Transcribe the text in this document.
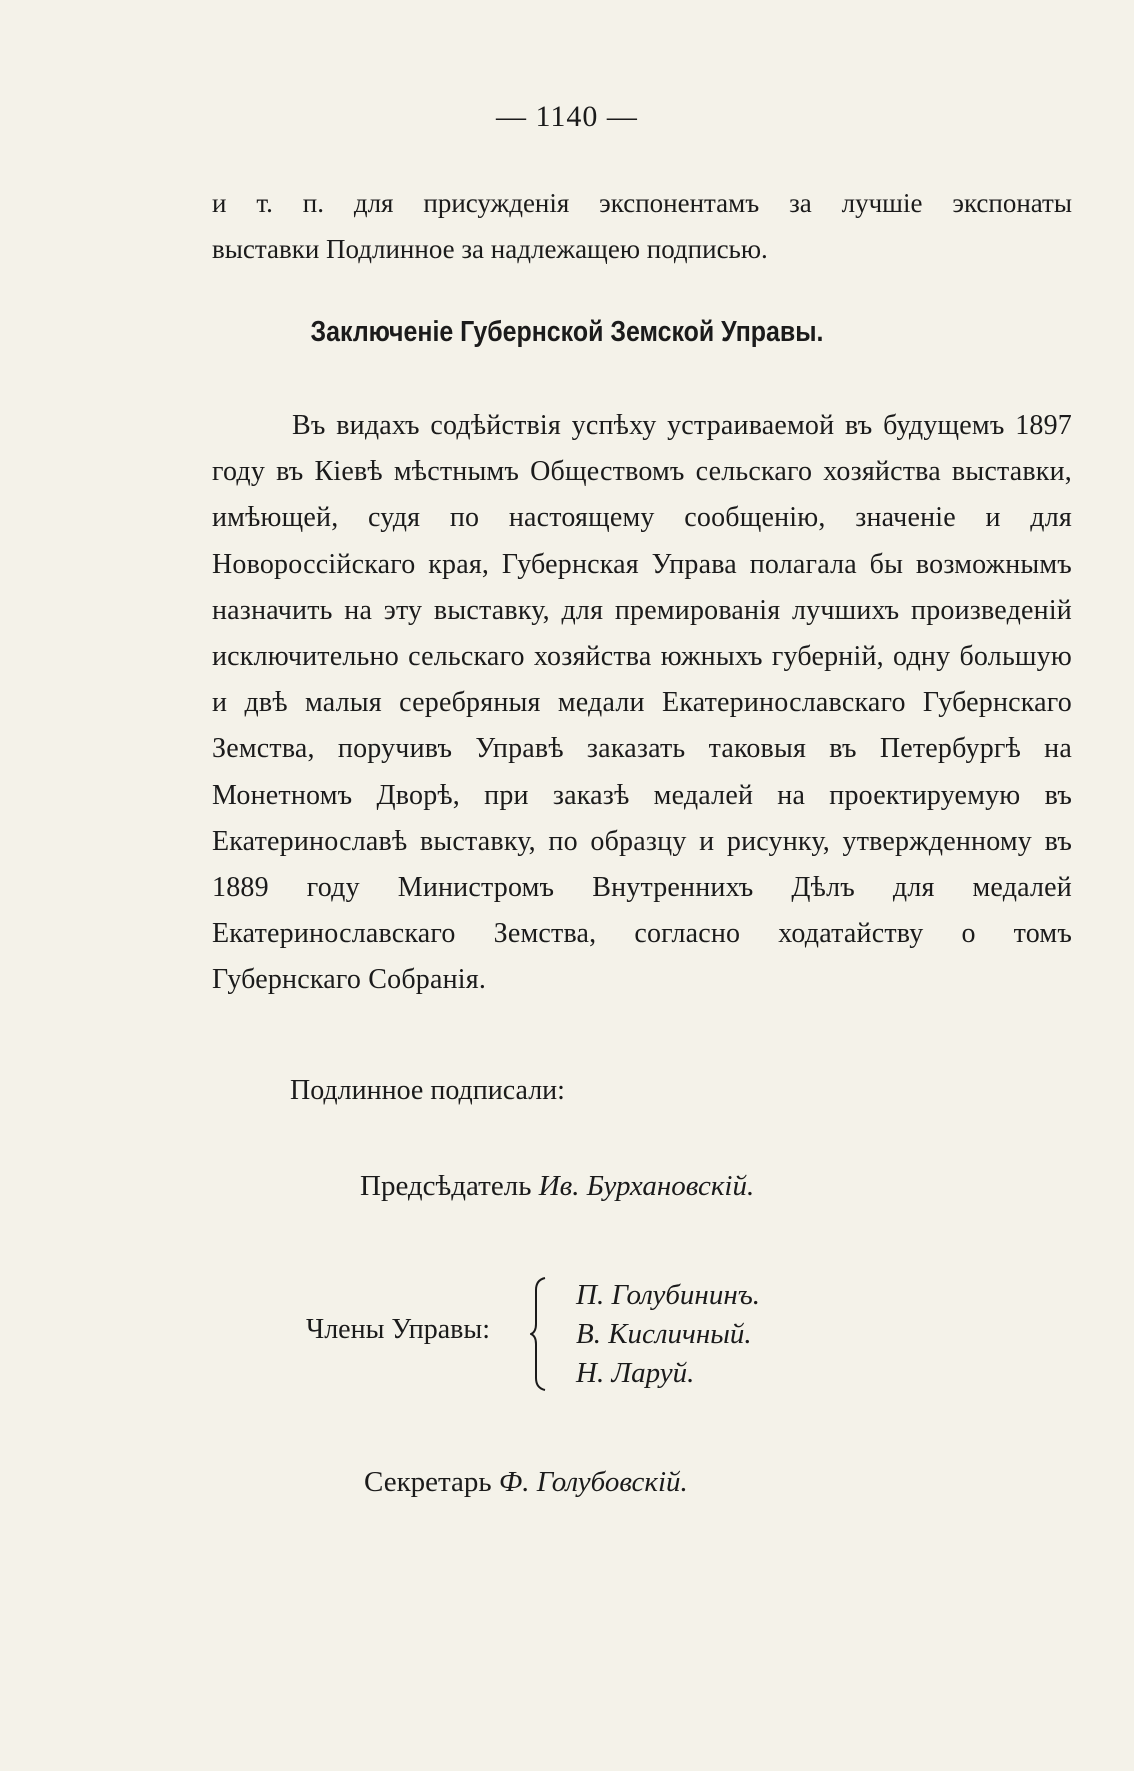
— 1140 —
и т. п. для присужденія экспонентамъ за лучшіе экспонаты
выставки Подлинное за надлежащею подписью.
Заключеніе Губернской Земской Управы.
Въ видахъ содѣйствія успѣху устраиваемой въ будущемъ 1897 году въ Кіевѣ мѣстнымъ Обществомъ сельскаго хозяйства выставки, имѣющей, судя по настоящему сообщенію, значеніе и для Новороссійскаго края, Губернская Управа полагала бы возможнымъ назначить на эту выставку, для премированія лучшихъ произведеній исключительно сельскаго хозяйства южныхъ губерній, одну большую и двѣ малыя серебряныя медали Екатеринославскаго Губернскаго Земства, поручивъ Управѣ заказать таковыя въ Петербургѣ на Монетномъ Дворѣ, при заказѣ медалей на проектируемую въ Екатеринославѣ выставку, по образцу и рисунку, утвержденному въ 1889 году Министромъ Внутреннихъ Дѣлъ для медалей Екатеринославскаго Земства, согласно ходатайству о томъ Губернскаго Собранія.
Подлинное подписали:
Предсѣдатель Ив. Бурхановскій.
Члены Управы:
П. Голубининъ.
В. Кисличный.
Н. Ларуй.
Секретарь Ф. Голубовскій.
